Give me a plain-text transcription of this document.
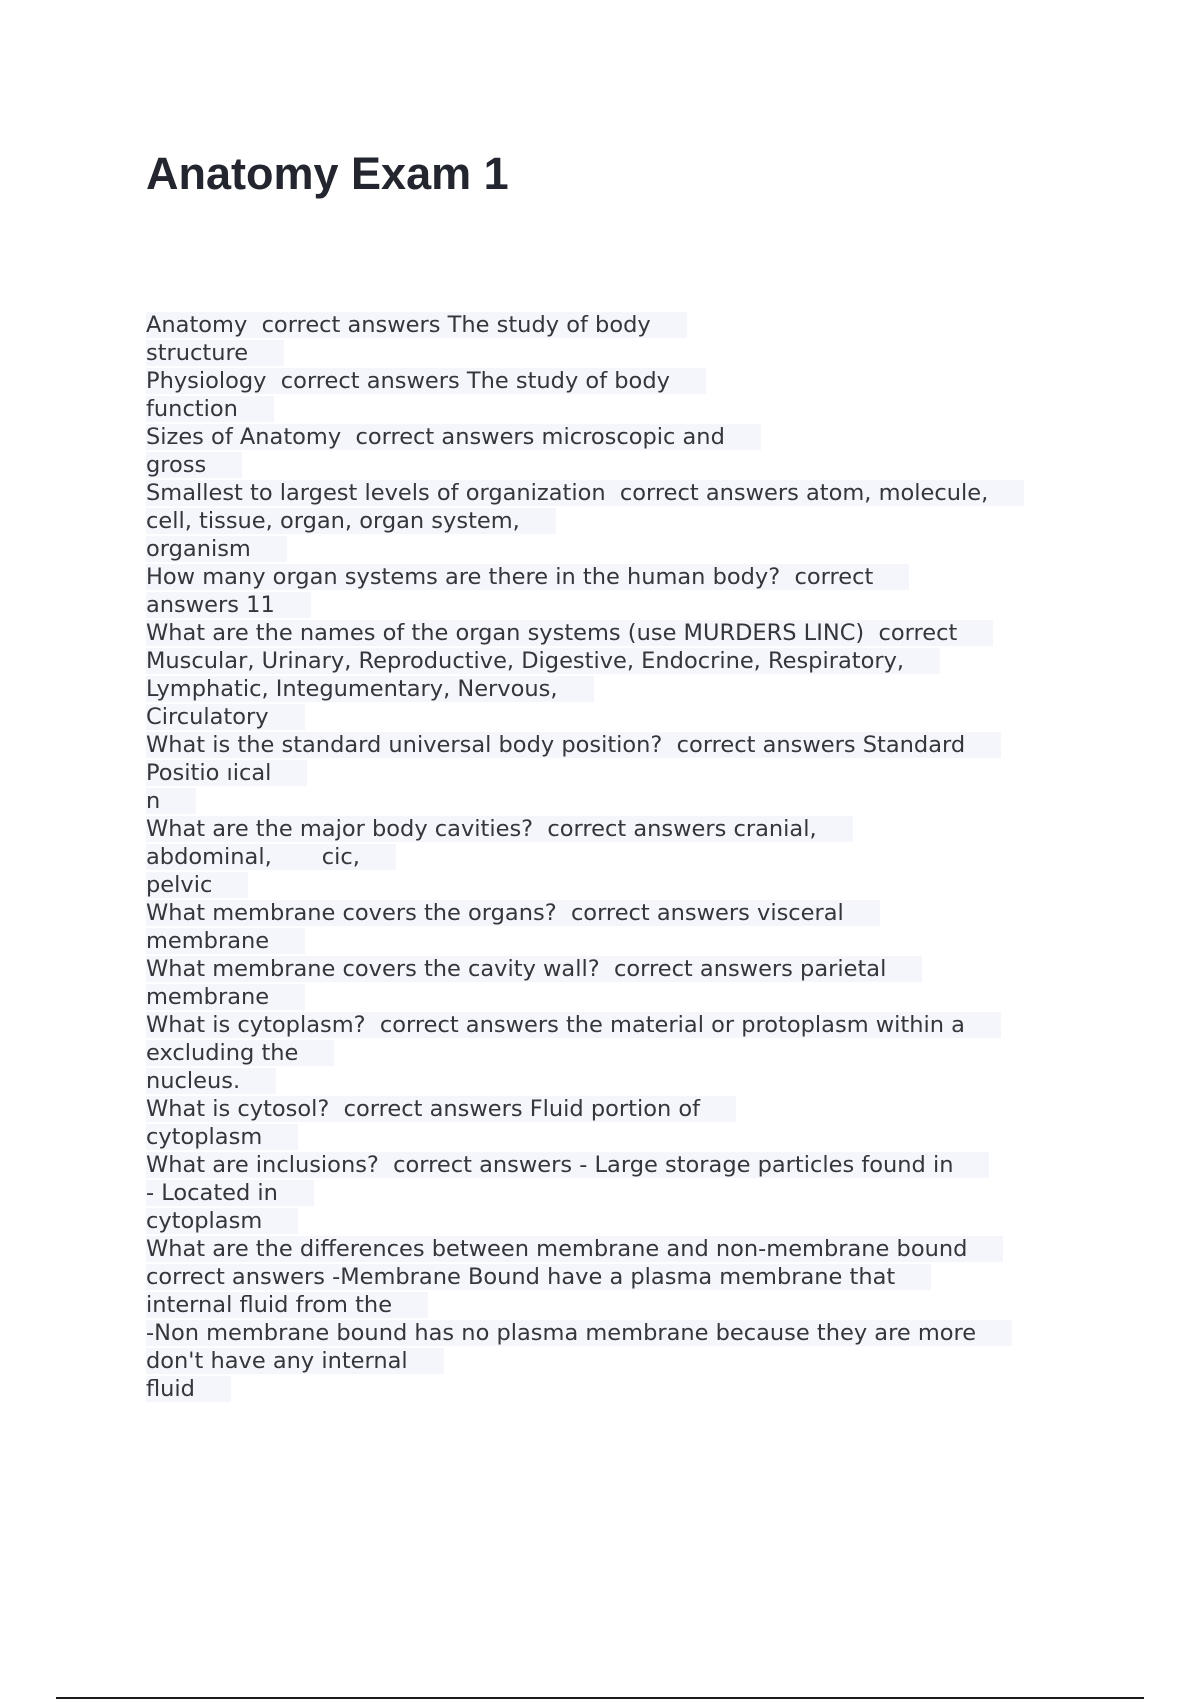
Anatomy Exam 1
Anatomy  correct answers The study of body
structure
Physiology  correct answers The study of body
function
Sizes of Anatomy  correct answers microscopic and
gross
Smallest to largest levels of organization  correct answers atom, molecule,
cell, tissue, organ, organ system,
organism
How many organ systems are there in the human body?  correct
answers 11
What are the names of the organ systems (use MURDERS LINC)  correct
Muscular, Urinary, Reproductive, Digestive, Endocrine, Respiratory,
Lymphatic, Integumentary, Nervous,
Circulatory
What is the standard universal body position?  correct answers Standard
Positio ıical
n
What are the major body cavities?  correct answers cranial,
abdominal,       cic,
pelvic
What membrane covers the organs?  correct answers visceral
membrane
What membrane covers the cavity wall?  correct answers parietal
membrane
What is cytoplasm?  correct answers the material or protoplasm within a
excluding the
nucleus.
What is cytosol?  correct answers Fluid portion of
cytoplasm
What are inclusions?  correct answers - Large storage particles found in
- Located in
cytoplasm
What are the differences between membrane and non-membrane bound
correct answers -Membrane Bound have a plasma membrane that
internal fluid from the
-Non membrane bound has no plasma membrane because they are more
don't have any internal
fluid
